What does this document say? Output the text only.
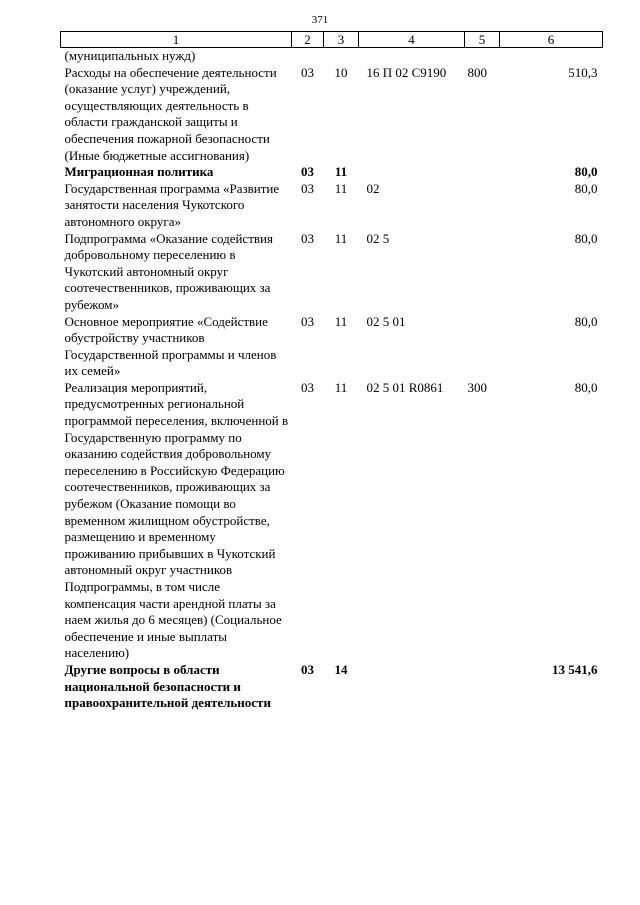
371
1	2	3	4	5	6
(муниципальных нужд)					
Расходы на обеспечение деятельности (оказание услуг) учреждений, осуществляющих деятельность в области гражданской защиты и обеспечения пожарной безопасности (Иные бюджетные ассигнования)	03	10	16 П 02 С9190	800	510,3
Миграционная политика	03	11			80,0
Государственная программа «Развитие занятости населения Чукотского автономного округа»	03	11	02		80,0
Подпрограмма «Оказание содействия добровольному переселению в Чукотский автономный округ соотечественников, проживающих за рубежом»	03	11	02 5		80,0
Основное мероприятие «Содействие обустройству участников Государственной программы и членов их семей»	03	11	02 5 01		80,0
Реализация мероприятий, предусмотренных региональной программой переселения, включенной в Государственную программу по оказанию содействия добровольному переселению в Российскую Федерацию соотечественников, проживающих за рубежом (Оказание помощи во временном жилищном обустройстве, размещению и временному проживанию прибывших в Чукотский автономный округ участников Подпрограммы, в том числе компенсация части арендной платы за наем жилья до 6 месяцев) (Социальное обеспечение и иные выплаты населению)	03	11	02 5 01 R0861	300	80,0
Другие вопросы в области национальной безопасности и правоохранительной деятельности	03	14			13 541,6
